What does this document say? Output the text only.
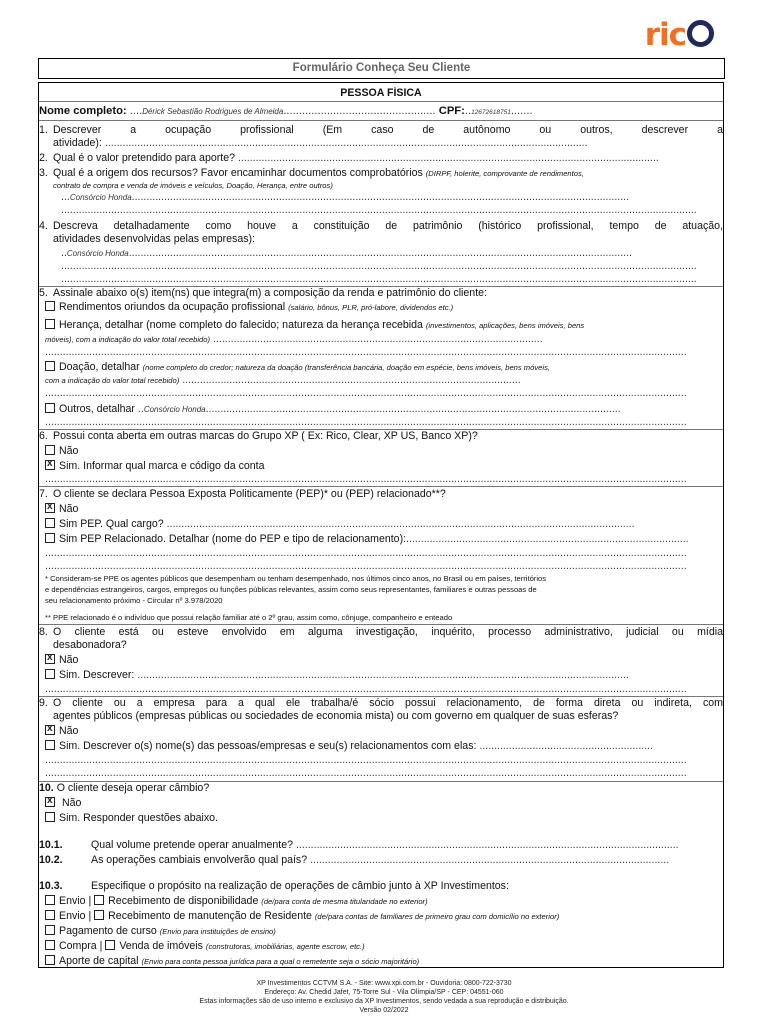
ric
Formulário Conheça Seu Cliente
PESSOA FÍSICA
Nome completo: ....Dérick Sebastião Rodrigues de Almeida................................................. CPF:..12672618751.......
1. Descrever a ocupação profissional (Em caso de autônomo ou outros, descrever a
atividade): ....................................................................................................................................................................
2. Qual é o valor pretendido para aporte? ...............................................................................................................................................
3. Qual é a origem dos recursos? Favor encaminhar documentos comprobatórios (DIRPF, holerite, comprovante de rendimentos,
contrato de compra e venda de imóveis e veículos, Doação, Herança, entre outros)
...Consórcio Honda.........................................................................................................................................................................
........................................................................................................................................................................................................................
4. Descreva detalhadamente como houve a constituição de patrimônio (histórico profissional, tempo de atuação,
atividades desenvolvidas pelas empresas):
..Consórcio Honda...........................................................................................................................................................................
........................................................................................................................................................................................................................
........................................................................................................................................................................................................................
5. Assinale abaixo o(s) item(ns) que integra(m) a composição da renda e patrimônio do cliente:
Rendimentos oriundos da ocupação profissional (salário, bônus, PLR, pró-labore, dividendos etc.)
Herança, detalhar (nome completo do falecido; natureza da herança recebida (investimentos, aplicações, bens imóveis, bens
móveis), com a indicação do valor total recebido) ................................................................................................................
..........................................................................................................................................................................................................................
Doação, detalhar (nome completo do credor; natureza da doação (transferência bancária, doação em espécie, bens imóveis, bens móveis,
com a indicação do valor total recebido) ...................................................................................................................
..........................................................................................................................................................................................................................
Outros, detalhar ..Consórcio Honda.............................................................................................................................................
..........................................................................................................................................................................................................................
6. Possui conta aberta em outras marcas do Grupo XP ( Ex: Rico, Clear, XP US, Banco XP)?
Não
xSim. Informar qual marca e código da conta
..........................................................................................................................................................................................................................
7. O cliente se declara Pessoa Exposta Politicamente (PEP)* ou (PEP) relacionado**?
xNão
Sim PEP. Qual cargo? ...............................................................................................................................................................
Sim PEP Relacionado. Detalhar (nome do PEP e tipo de relacionamento):................................................................................................
..........................................................................................................................................................................................................................
..........................................................................................................................................................................................................................
* Consideram-se PPE os agentes públicos que desempenham ou tenham desempenhado, nos últimos cinco anos, no Brasil ou em países, territórios
e dependências estrangeiros, cargos, empregos ou funções públicas relevantes, assim como seus representantes, familiares e outras pessoas de
seu relacionamento próximo - Circular nº 3.978/2020
** PPE relacionado é o indivíduo que possui relação familiar até o 2º grau, assim como, cônjuge, companheiro e enteado
8. O cliente está ou esteve envolvido em alguma investigação, inquérito, processo administrativo, judicial ou mídia
desabonadora?
xNão
Sim. Descrever: .......................................................................................................................................................................
..........................................................................................................................................................................................................................
9. O cliente ou a empresa para a qual ele trabalha/é sócio possui relacionamento, de forma direta ou indireta, com
agentes públicos (empresas públicas ou sociedades de economia mista) ou com governo em qualquer de suas esferas?
xNão
Sim. Descrever o(s) nome(s) das pessoas/empresas e seu(s) relacionamentos com elas: ...........................................................
..........................................................................................................................................................................................................................
..........................................................................................................................................................................................................................
10. O cliente deseja operar câmbio?
x Não
Sim. Responder questões abaixo.
10.1.	Qual volume pretende operar anualmente? ..................................................................................................................................
10.2.	As operações cambiais envolverão qual país? ..........................................................................................................................
10.3.	Especifique o propósito na realização de operações de câmbio junto à XP Investimentos:
Envio | Recebimento de disponibilidade (de/para conta de mesma titularidade no exterior)
Envio | Recebimento de manutenção de Residente (de/para contas de familiares de primeiro grau com domicílio no exterior)
Pagamento de curso (Envio para instituições de ensino)
Compra | Venda de imóveis (construtoras, imobiliárias, agente escrow, etc.)
Aporte de capital (Envio para conta pessoa jurídica para a qual o remetente seja o sócio majoritário)
XP Investimentos CCTVM S.A. - Site: www.xpi.com.br - Ouvidoria: 0800-722-3730
Endereço: Av. Chedid Jafet, 75-Torre Sul - Vila Olímpia/SP - CEP: 04551-060
Estas informações são de uso interno e exclusivo da XP Investimentos, sendo vedada a sua reprodução e distribuição.
Versão 02/2022
